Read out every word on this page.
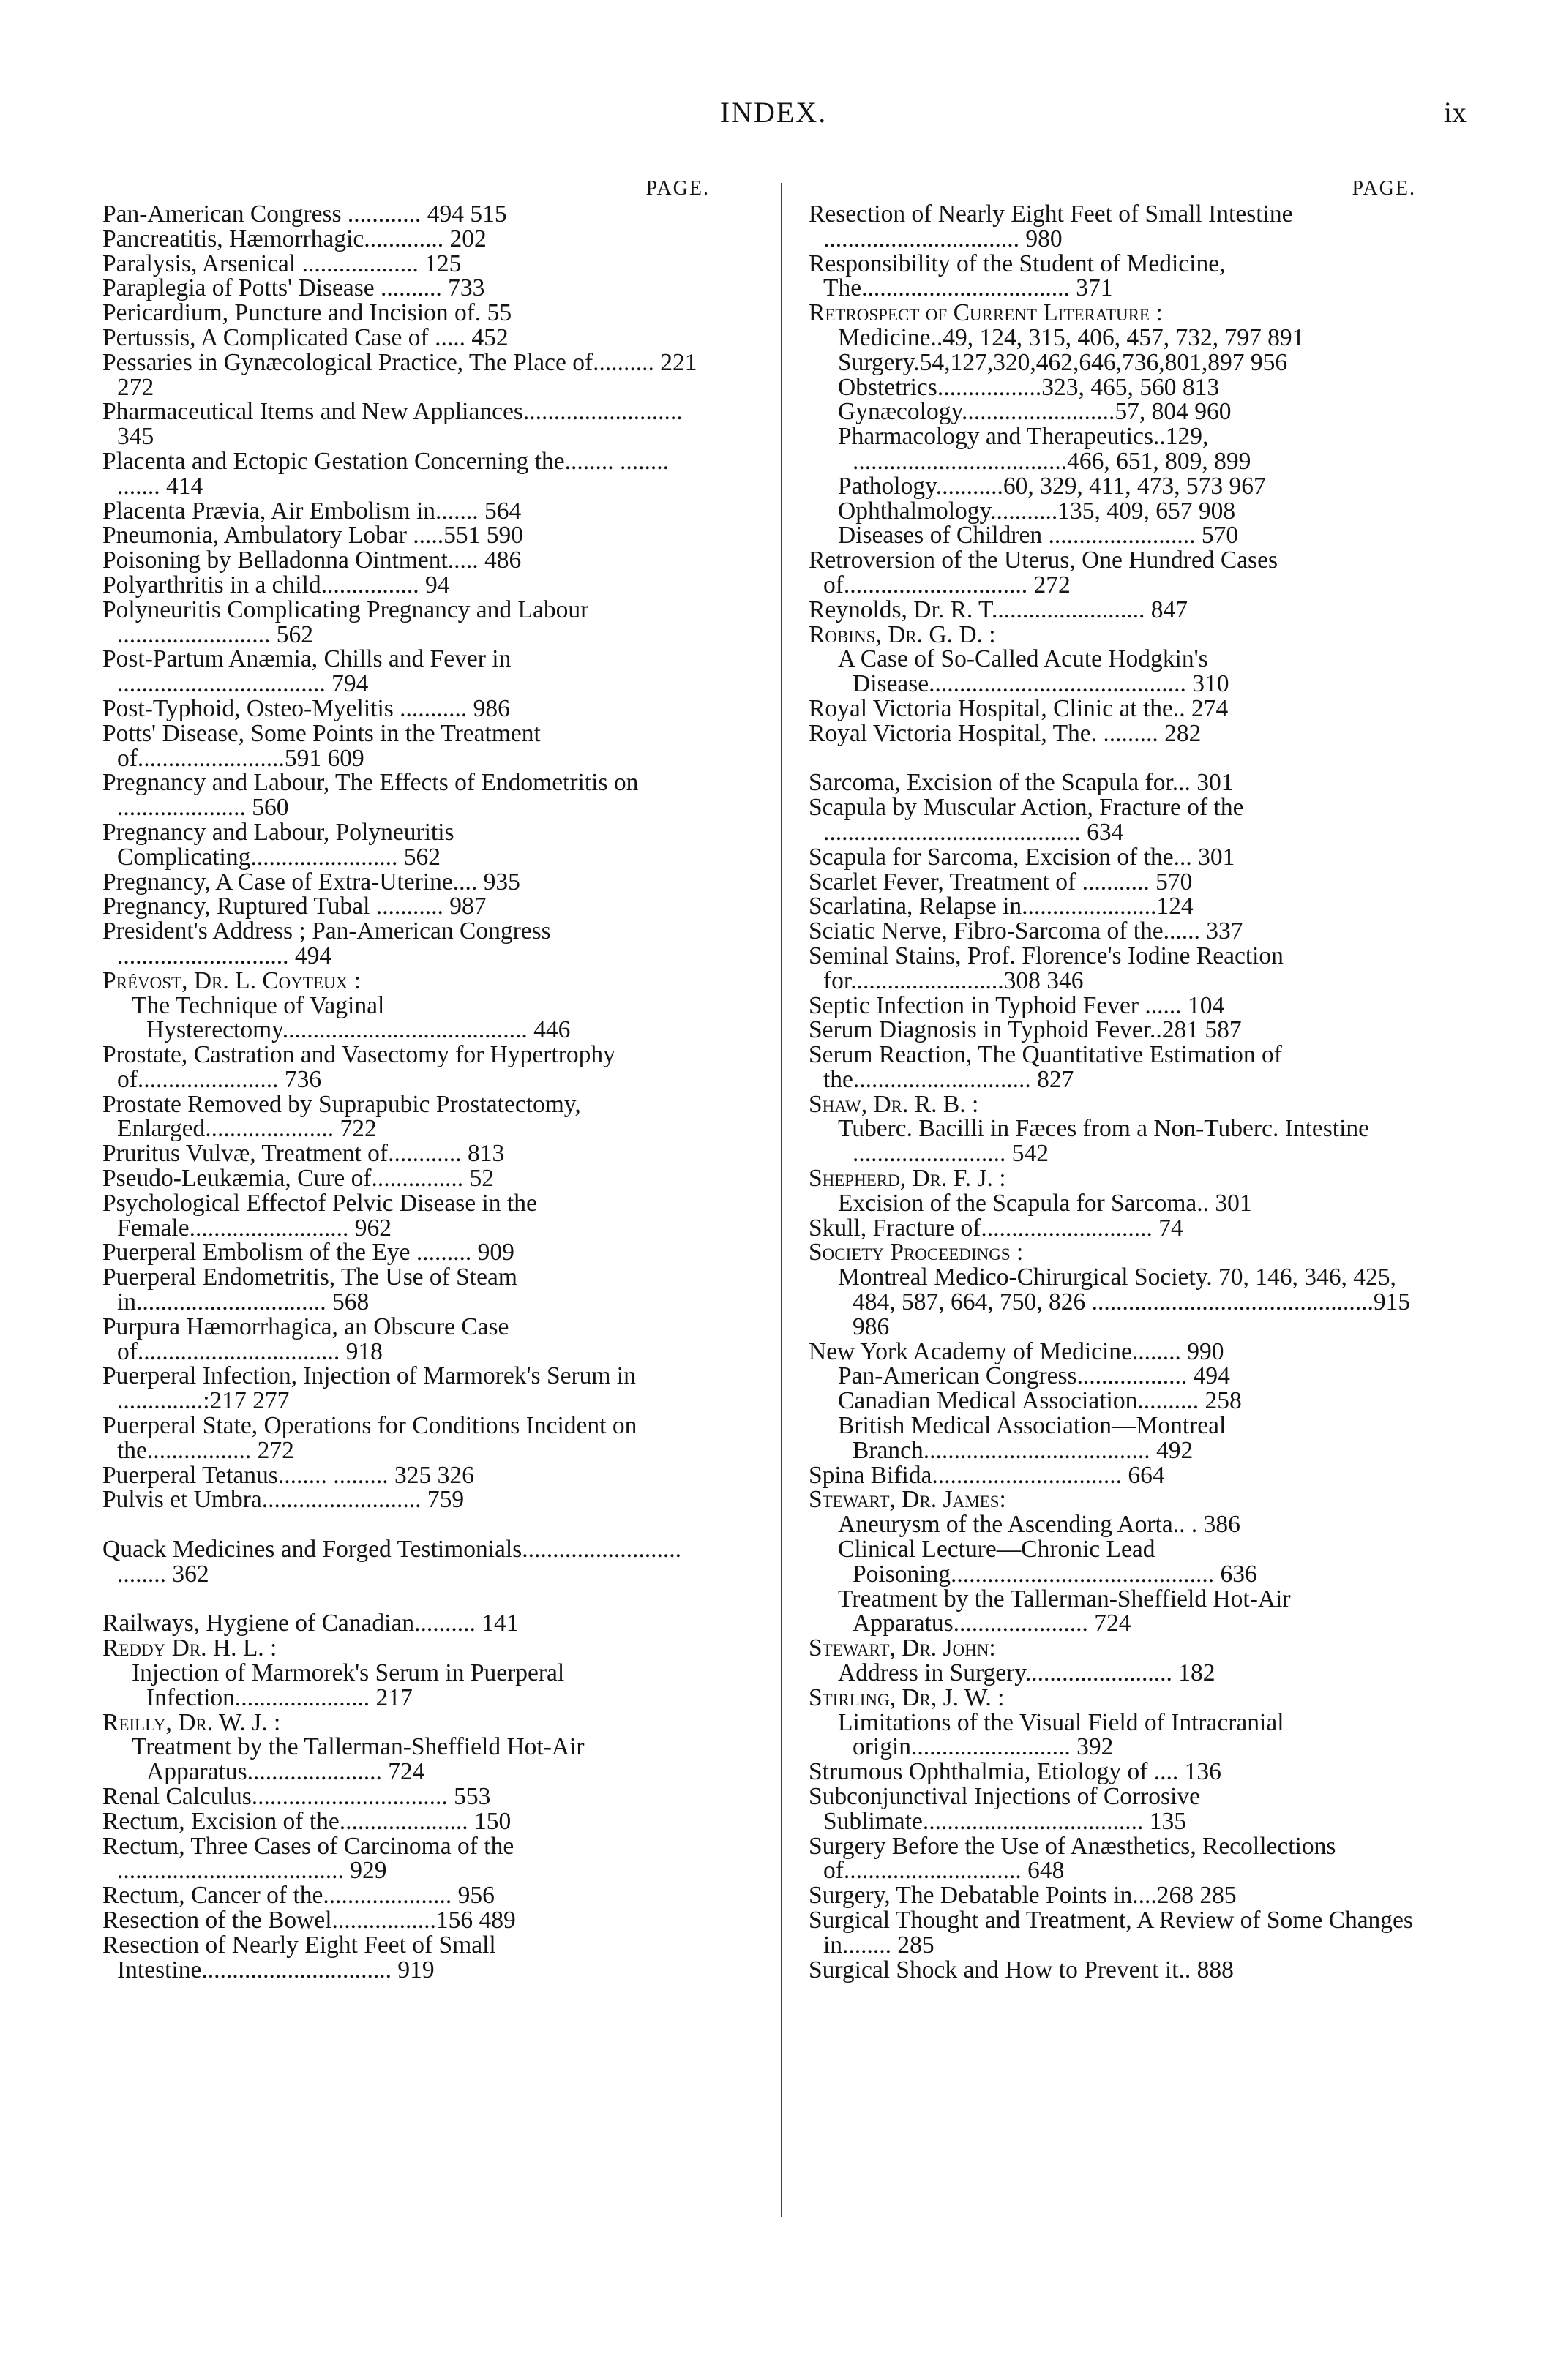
INDEX.	ix
PAGE.
Pan-American Congress ............ 494 515
Pancreatitis, Hæmorrhagic............. 202
Paralysis, Arsenical ................... 125
Paraplegia of Potts' Disease .......... 733
Pericardium, Puncture and Incision of. 55
Pertussis, A Complicated Case of ..... 452
Pessaries in Gynæcological Practice, The Place of.......... 221 272
Pharmaceutical Items and New Appliances.......................... 345
Placenta and Ectopic Gestation Concerning the........ ........ ....... 414
Placenta Prævia, Air Embolism in....... 564
Pneumonia, Ambulatory Lobar .....551 590
Poisoning by Belladonna Ointment..... 486
Polyarthritis in a child................ 94
Polyneuritis Complicating Pregnancy and Labour ......................... 562
Post-Partum Anæmia, Chills and Fever in .................................. 794
Post-Typhoid, Osteo-Myelitis ........... 986
Potts' Disease, Some Points in the Treatment of........................591 609
Pregnancy and Labour, The Effects of Endometritis on ..................... 560
Pregnancy and Labour, Polyneuritis Complicating........................ 562
Pregnancy, A Case of Extra-Uterine.... 935
Pregnancy, Ruptured Tubal ........... 987
President's Address ; Pan-American Congress ............................ 494
Prévost, Dr. L. Coyteux :
The Technique of Vaginal Hysterectomy........................................ 446
Prostate, Castration and Vasectomy for Hypertrophy of....................... 736
Prostate Removed by Suprapubic Prostatectomy, Enlarged..................... 722
Pruritus Vulvæ, Treatment of............ 813
Pseudo-Leukæmia, Cure of............... 52
Psychological Effectof Pelvic Disease in the Female.......................... 962
Puerperal Embolism of the Eye ......... 909
Puerperal Endometritis, The Use of Steam in............................... 568
Purpura Hæmorrhagica, an Obscure Case of................................. 918
Puerperal Infection, Injection of Marmorek's Serum in ..............:217 277
Puerperal State, Operations for Conditions Incident on the................. 272
Puerperal Tetanus........ ......... 325 326
Pulvis et Umbra.......................... 759
Quack Medicines and Forged Testimonials.......................... ........ 362
Railways, Hygiene of Canadian.......... 141
Reddy Dr. H. L. :
Injection of Marmorek's Serum in Puerperal Infection...................... 217
Reilly, Dr. W. J. :
Treatment by the Tallerman-Sheffield Hot-Air Apparatus...................... 724
Renal Calculus................................ 553
Rectum, Excision of the..................... 150
Rectum, Three Cases of Carcinoma of the ..................................... 929
Rectum, Cancer of the..................... 956
Resection of the Bowel.................156 489
Resection of Nearly Eight Feet of Small Intestine............................... 919
PAGE.
Resection of Nearly Eight Feet of Small Intestine ................................ 980
Responsibility of the Student of Medicine, The.................................. 371
Retrospect of Current Literature :
Medicine..49, 124, 315, 406, 457, 732, 797 891
Surgery.54,127,320,462,646,736,801,897 956
Obstetrics.................323, 465, 560 813
Gynæcology.........................57, 804 960
Pharmacology and Therapeutics..129, ...................................466, 651, 809, 899
Pathology...........60, 329, 411, 473, 573 967
Ophthalmology...........135, 409, 657 908
Diseases of Children ........................ 570
Retroversion of the Uterus, One Hundred Cases of.............................. 272
Reynolds, Dr. R. T......................... 847
Robins, Dr. G. D. :
A Case of So-Called Acute Hodgkin's Disease.......................................... 310
Royal Victoria Hospital, Clinic at the.. 274
Royal Victoria Hospital, The. ......... 282
Sarcoma, Excision of the Scapula for... 301
Scapula by Muscular Action, Fracture of the .......................................... 634
Scapula for Sarcoma, Excision of the... 301
Scarlet Fever, Treatment of ........... 570
Scarlatina, Relapse in......................124
Sciatic Nerve, Fibro-Sarcoma of the...... 337
Seminal Stains, Prof. Florence's Iodine Reaction for.........................308 346
Septic Infection in Typhoid Fever ...... 104
Serum Diagnosis in Typhoid Fever..281 587
Serum Reaction, The Quantitative Estimation of the............................. 827
Shaw, Dr. R. B. :
Tuberc. Bacilli in Fæces from a Non-Tuberc. Intestine ......................... 542
Shepherd, Dr. F. J. :
Excision of the Scapula for Sarcoma.. 301
Skull, Fracture of............................ 74
Society Proceedings :
Montreal Medico-Chirurgical Society. 70, 146, 346, 425, 484, 587, 664, 750, 826 ..............................................915 986
New York Academy of Medicine........ 990
Pan-American Congress.................. 494
Canadian Medical Association.......... 258
British Medical Association—Montreal Branch..................................... 492
Spina Bifida............................... 664
Stewart, Dr. James:
Aneurysm of the Ascending Aorta.. . 386
Clinical Lecture—Chronic Lead Poisoning........................................... 636
Treatment by the Tallerman-Sheffield Hot-Air Apparatus...................... 724
Stewart, Dr. John:
Address in Surgery........................ 182
Stirling, Dr, J. W. :
Limitations of the Visual Field of Intracranial origin.......................... 392
Strumous Ophthalmia, Etiology of .... 136
Subconjunctival Injections of Corrosive Sublimate.................................... 135
Surgery Before the Use of Anæsthetics, Recollections of............................. 648
Surgery, The Debatable Points in....268 285
Surgical Thought and Treatment, A Review of Some Changes in........ 285
Surgical Shock and How to Prevent it.. 888
